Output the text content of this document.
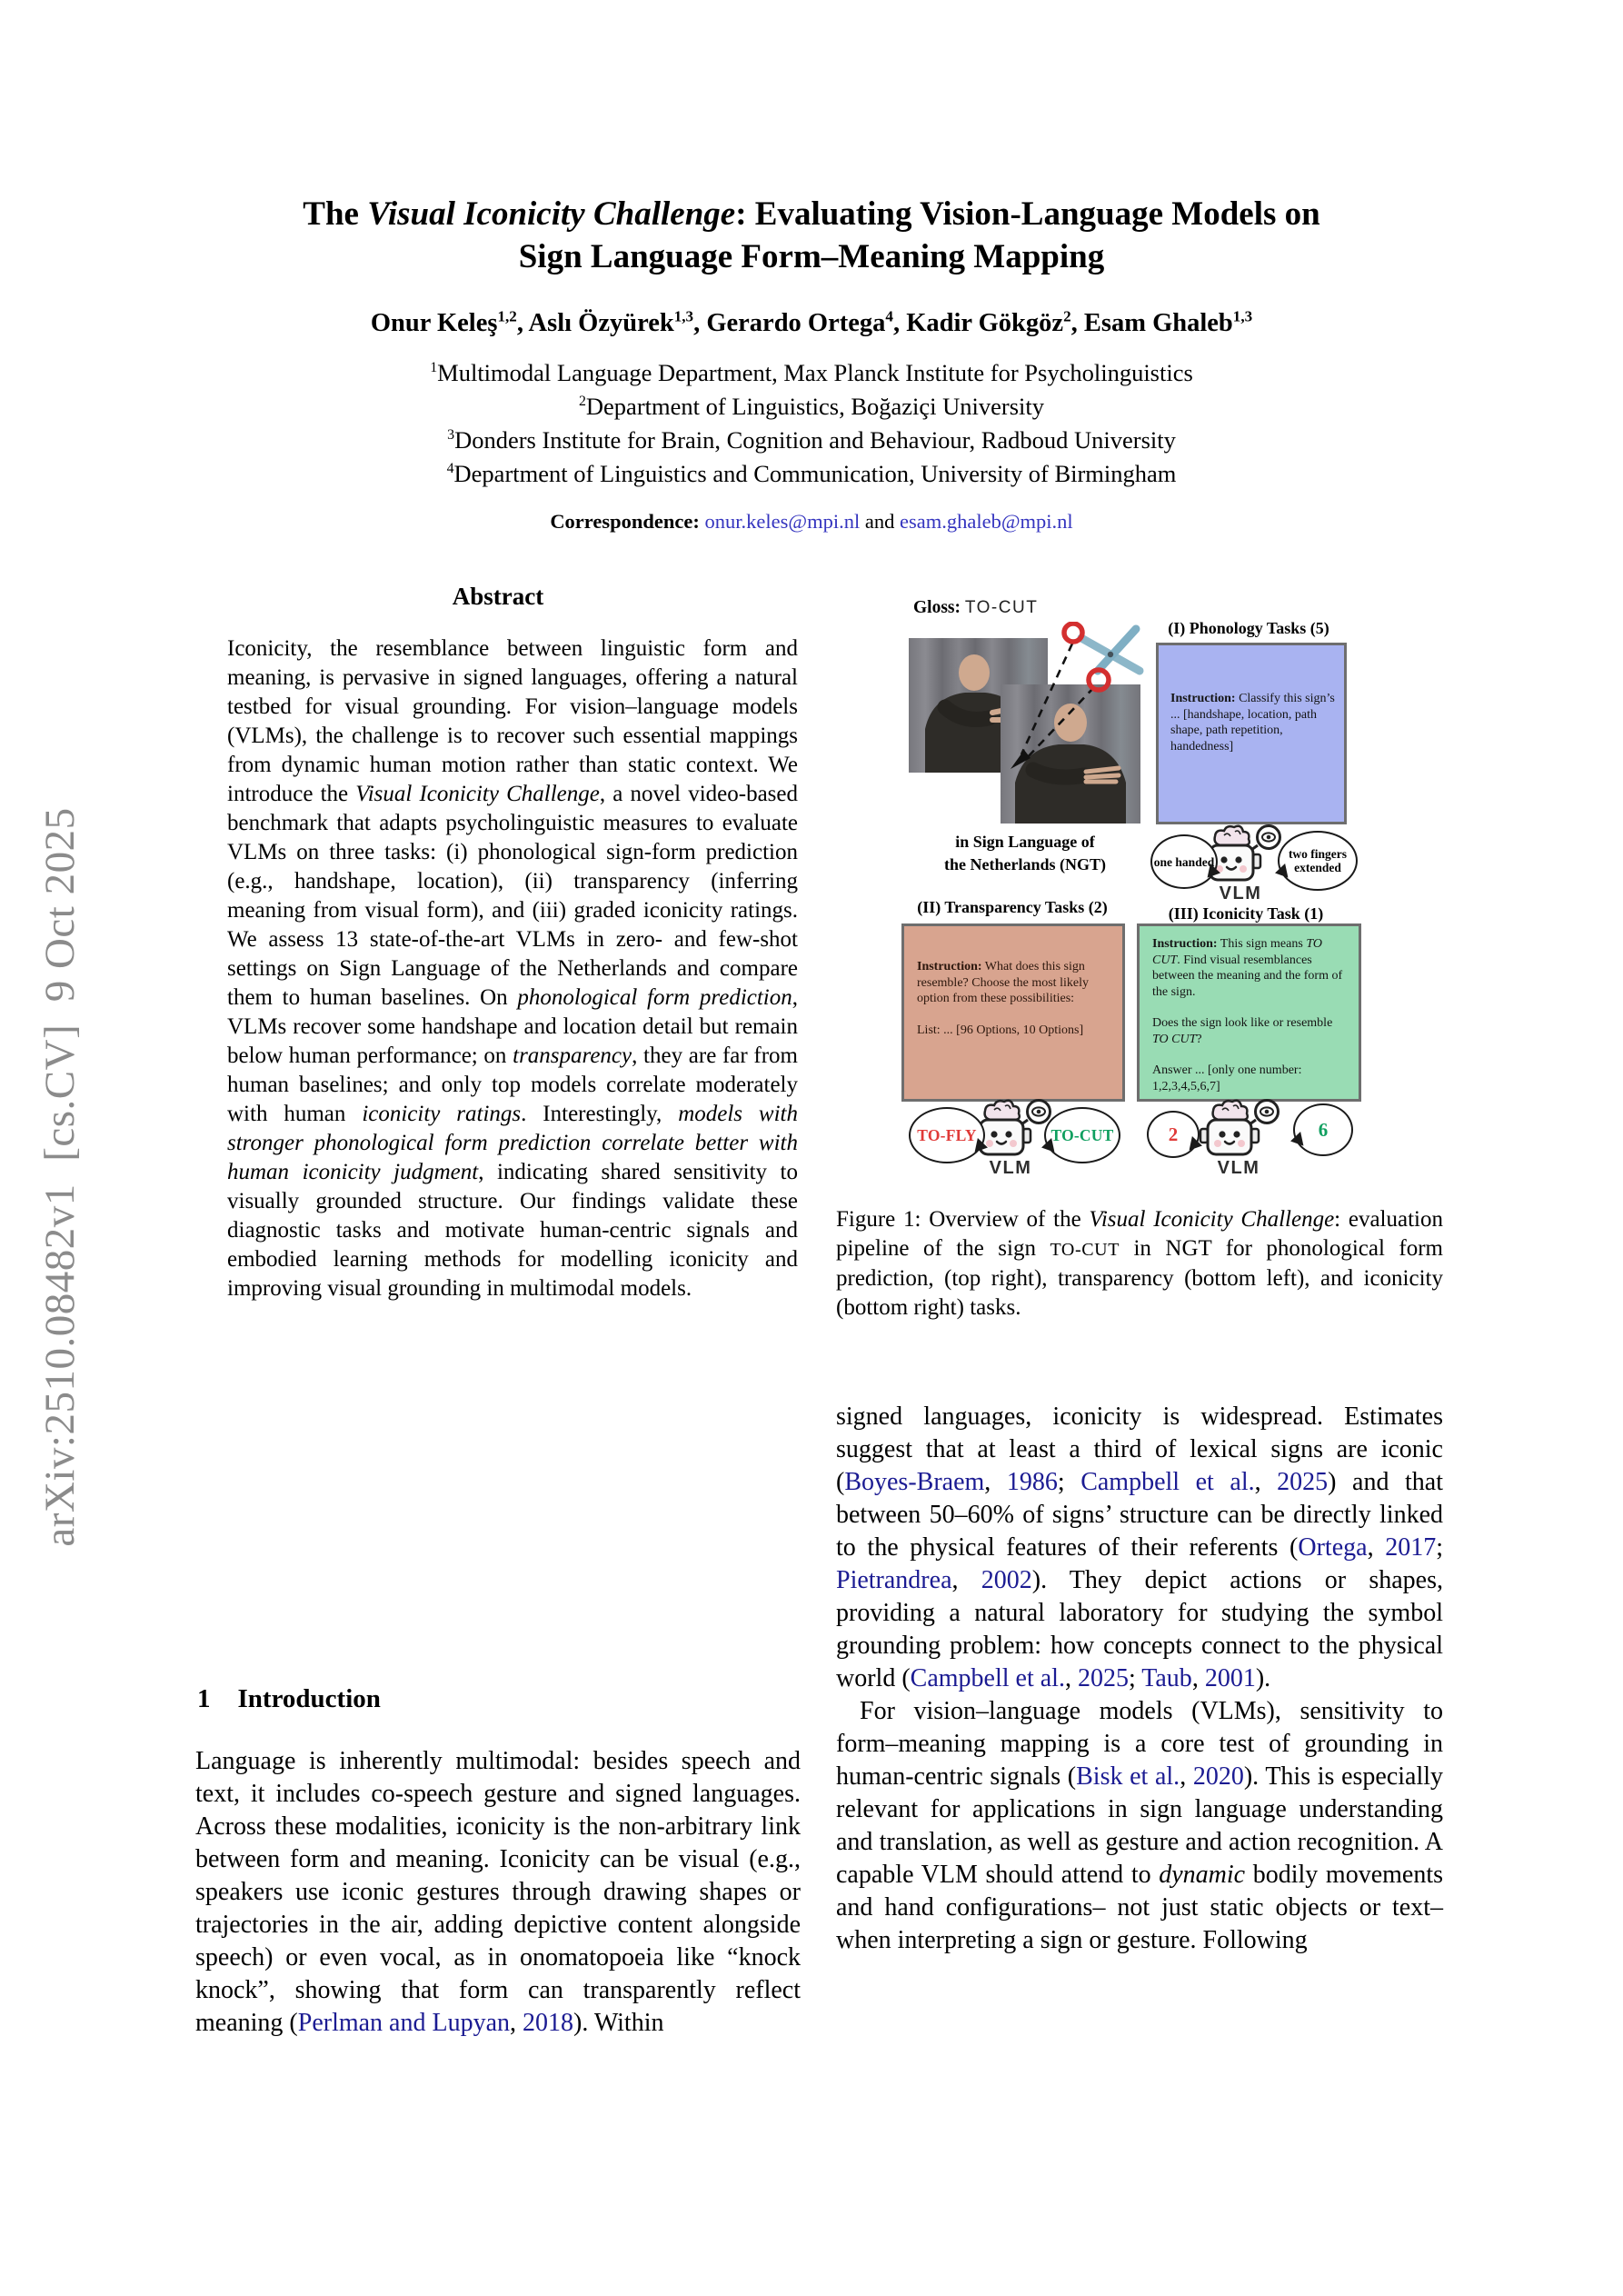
arXiv:2510.08482v1  [cs.CV]  9 Oct 2025
The Visual Iconicity Challenge: Evaluating Vision-Language Models on
Sign Language Form–Meaning Mapping
Onur Keleş$^{1,2}$, Aslı Özyürek$^{1,3}$, Gerardo Ortega$^4$, Kadir Gökgöz$^2$, Esam Ghaleb$^{1,3}$
$^1$Multimodal Language Department, Max Planck Institute for Psycholinguistics
$^2$Department of Linguistics, Boğaziçi University
$^3$Donders Institute for Brain, Cognition and Behaviour, Radboud University
$^4$Department of Linguistics and Communication, University of Birmingham
Correspondence: onur.keles@mpi.nl and esam.ghaleb@mpi.nl
Abstract
Iconicity, the resemblance between linguistic form and meaning, is pervasive in signed languages, offering a natural testbed for visual grounding. For vision–language models (VLMs), the challenge is to recover such essential mappings from dynamic human motion rather than static context. We introduce the Visual Iconicity Challenge, a novel video-based benchmark that adapts psycholinguistic measures to evaluate VLMs on three tasks: (i) phonological sign-form prediction (e.g., handshape, location), (ii) transparency (inferring meaning from visual form), and (iii) graded iconicity ratings. We assess 13 state-of-the-art VLMs in zero- and few-shot settings on Sign Language of the Netherlands and compare them to human baselines. On phonological form prediction, VLMs recover some handshape and location detail but remain below human performance; on transparency, they are far from human baselines; and only top models correlate moderately with human iconicity ratings. Interestingly, models with stronger phonological form prediction correlate better with human iconicity judgment, indicating shared sensitivity to visually grounded structure. Our findings validate these diagnostic tasks and motivate human-centric signals and embodied learning methods for modelling iconicity and improving visual grounding in multimodal models.
1 Introduction
Language is inherently multimodal: besides speech and text, it includes co-speech gesture and signed languages. Across these modalities, iconicity is the non-arbitrary link between form and meaning. Iconicity can be visual (e.g., speakers use iconic gestures through drawing shapes or trajectories in the air, adding depictive content alongside speech) or even vocal, as in onomatopoeia like “knock knock”, showing that form can transparently reflect meaning (Perlman and Lupyan, 2018). Within
Gloss: TO-CUT
in Sign Language of
the Netherlands (NGT)
(I) Phonology Tasks (5)
Instruction: Classify this sign’s ... [handshape, location, path shape, path repetition, handedness]
one handed
two fingers extended
VLM
(II) Transparency Tasks (2)
Instruction: What does this sign resemble? Choose the most likely option from these possibilities:
List: ... [96 Options, 10 Options]
TO-FLY	TO-CUT
VLM
(III) Iconicity Task (1)
Instruction: This sign means TO CUT. Find visual resemblances between the meaning and the form of the sign.
Does the sign look like or resemble TO CUT?
Answer ... [only one number: 1,2,3,4,5,6,7]
2	6
VLM
Figure 1: Overview of the Visual Iconicity Challenge: evaluation pipeline of the sign TO-CUT in NGT for phonological form prediction, (top right), transparency (bottom left), and iconicity (bottom right) tasks.
signed languages, iconicity is widespread. Estimates suggest that at least a third of lexical signs are iconic (Boyes-Braem, 1986; Campbell et al., 2025) and that between 50–60% of signs’ structure can be directly linked to the physical features of their referents (Ortega, 2017; Pietrandrea, 2002). They depict actions or shapes, providing a natural laboratory for studying the symbol grounding problem: how concepts connect to the physical world (Campbell et al., 2025; Taub, 2001).
For vision–language models (VLMs), sensitivity to form–meaning mapping is a core test of grounding in human-centric signals (Bisk et al., 2020). This is especially relevant for applications in sign language understanding and translation, as well as gesture and action recognition. A capable VLM should attend to dynamic bodily movements and hand configurations– not just static objects or text– when interpreting a sign or gesture. Following
